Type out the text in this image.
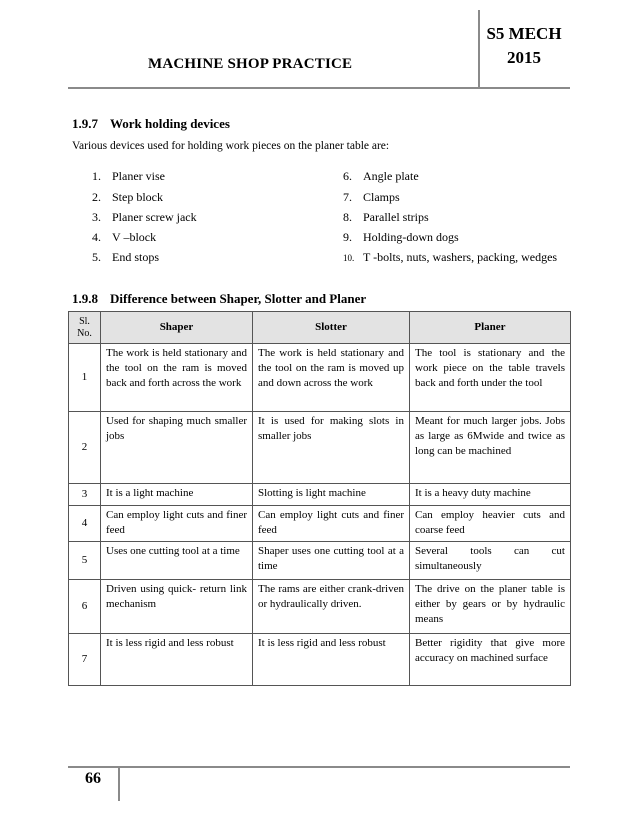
MACHINE SHOP PRACTICE
S5 MECH
2015
1.9.7 Work holding devices
Various devices used for holding work pieces on the planer table are:
1. Planer vise
2. Step block
3. Planer screw jack
4. V –block
5. End stops
6. Angle plate
7. Clamps
8. Parallel strips
9. Holding-down dogs
10. T -bolts, nuts, washers, packing, wedges
1.9.8 Difference between Shaper, Slotter and Planer
Sl. No.	Shaper	Slotter	Planer
1	The work is held stationary and the tool on the ram is moved back and forth across the work	The work is held stationary and the tool on the ram is moved up and down across the work	The tool is stationary and the work piece on the table travels back and forth under the tool
2	Used for shaping much smaller jobs	It is used for making slots in smaller jobs	Meant for much larger jobs. Jobs as large as 6Mwide and twice as long can be machined
3	It is a light machine	Slotting is light machine	It is a heavy duty machine
4	Can employ light cuts and finer feed	Can employ light cuts and finer feed	Can employ heavier cuts and coarse feed
5	Uses one cutting tool at a time	Shaper uses one cutting tool at a time	Several tools can cut simultaneously
6	Driven using quick- return link mechanism	The rams are either crank-driven or hydraulically driven.	The drive on the planer table is either by gears or by hydraulic means
7	It is less rigid and less robust	It is less rigid and less robust	Better rigidity that give more accuracy on machined surface
66
